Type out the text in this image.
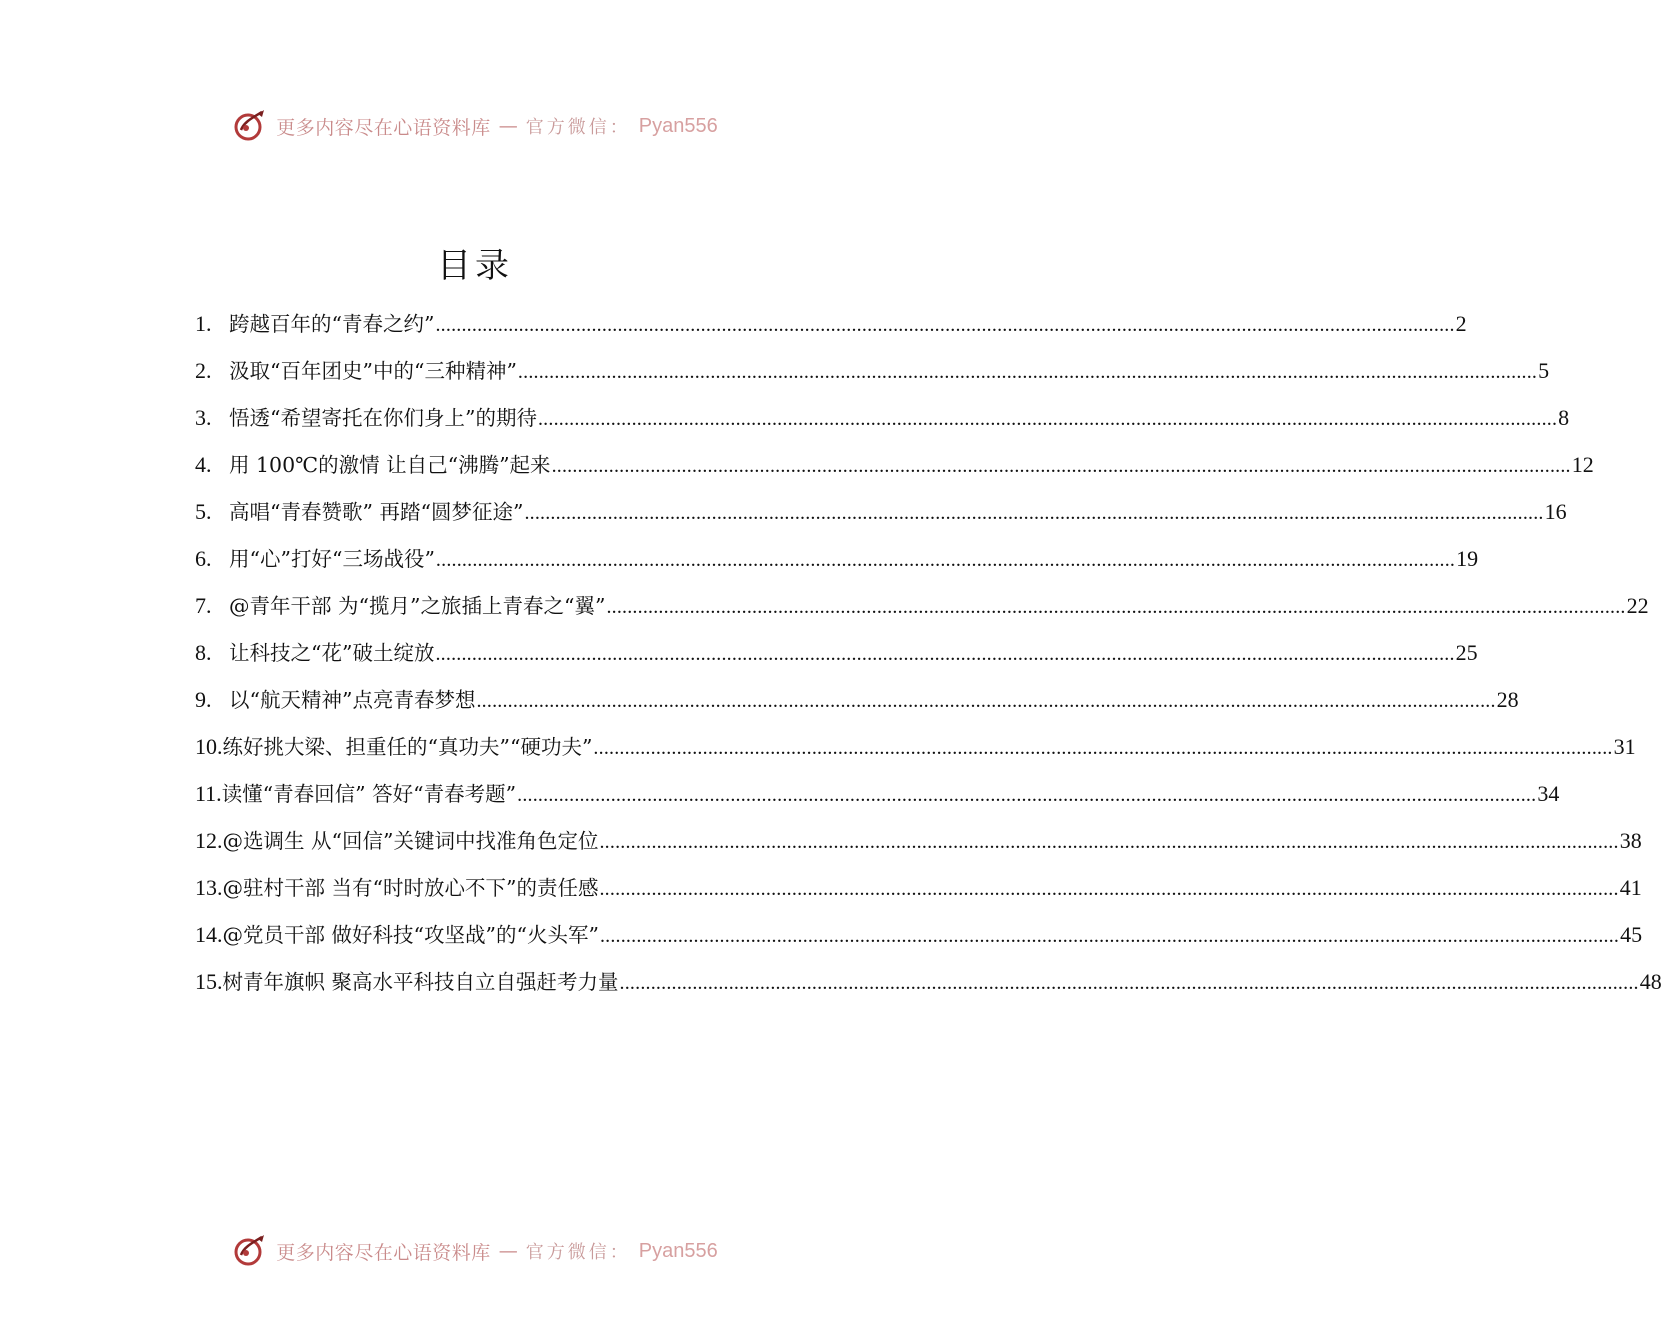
更多内容尽在心语资料库 — 官方微信： Pyan556
目录
1. 跨越百年的“青春之约” .....	2
2. 汲取“百年团史”中的“三种精神” .....	5
3. 悟透“希望寄托在你们身上”的期待 .....	8
4. 用 100℃的激情 让自己“沸腾”起来 .....	12
5. 高唱“青春赞歌” 再踏“圆梦征途” .....	16
6. 用“心”打好“三场战役” .....	19
7. @青年干部 为“揽月”之旅插上青春之“翼” .....	22
8. 让科技之“花”破土绽放 .....	25
9. 以“航天精神”点亮青春梦想 .....	28
10. 练好挑大梁、担重任的“真功夫”“硬功夫” .....	31
11. 读懂“青春回信” 答好“青春考题” .....	34
12. @选调生 从“回信”关键词中找准角色定位 .....	38
13. @驻村干部 当有“时时放心不下”的责任感 .....	41
14. @党员干部 做好科技“攻坚战”的“火头军” .....	45
15. 树青年旗帜 聚高水平科技自立自强赶考力量 .....	48
更多内容尽在心语资料库 — 官方微信： Pyan556
